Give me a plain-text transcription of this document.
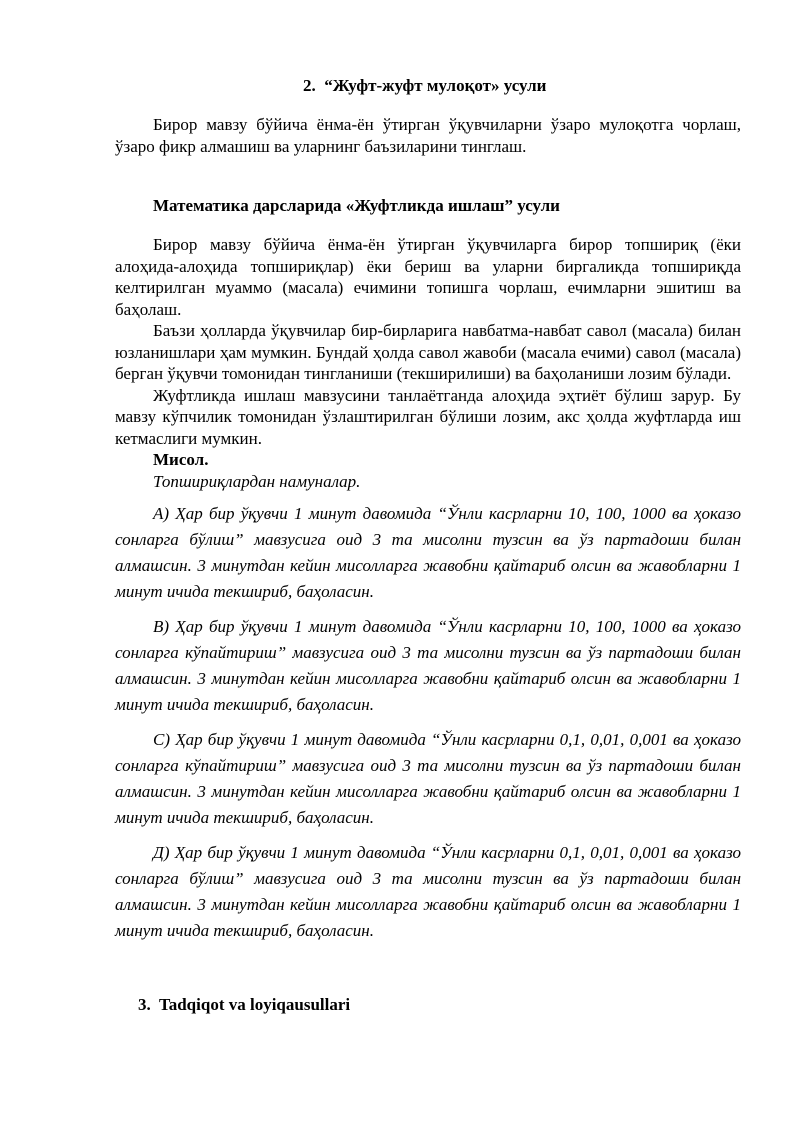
2. “Жуфт-жуфт мулоқот» усули

Бирор мавзу бўйича ёнма-ён ўтирган ўқувчиларни ўзаро мулоқотга чорлаш, ўзаро фикр алмашиш ва уларнинг баъзиларини тинглаш.

Математика дарсларида «Жуфтликда ишлаш” усули

Бирор мавзу бўйича ёнма-ён ўтирган ўқувчиларга бирор топшириқ (ёки алоҳида-алоҳида топшириқлар) ёки бериш ва уларни биргаликда топшириқда келтирилган муаммо (масала) ечимини топишга чорлаш, ечимларни эшитиш ва баҳолаш.

Баъзи ҳолларда ўқувчилар бир-бирларига навбатма-навбат савол (масала) билан юзланишлари ҳам мумкин. Бундай ҳолда савол жавоби (масала ечими) савол (масала) берган ўқувчи томонидан тингланиши (текширилиши) ва баҳоланиши лозим бўлади.

Жуфтликда ишлаш мавзусини танлаётганда алоҳида эҳтиёт бўлиш зарур. Бу мавзу кўпчилик томонидан ўзлаштирилган бўлиши лозим, акс ҳолда жуфтларда иш кетмаслиги мумкин.

Мисол.

Топшириқлардан намуналар.

А) Ҳар бир ўқувчи 1 минут давомида “Ўнли касрларни 10, 100, 1000 ва ҳоказо сонларга бўлиш” мавзусига оид 3 та мисолни тузсин ва ўз партадоши билан алмашсин. 3 минутдан кейин мисолларга жавобни қайтариб олсин ва жавобларни 1 минут ичида текшириб, баҳоласин.

В) Ҳар бир ўқувчи 1 минут давомида “Ўнли касрларни 10, 100, 1000 ва ҳоказо сонларга кўпайтириш” мавзусига оид 3 та мисолни тузсин ва ўз партадоши билан алмашсин. 3 минутдан кейин мисолларга жавобни қайтариб олсин ва жавобларни 1 минут ичида текшириб, баҳоласин.

С) Ҳар бир ўқувчи 1 минут давомида “Ўнли касрларни 0,1, 0,01, 0,001 ва ҳоказо сонларга кўпайтириш” мавзусига оид 3 та мисолни тузсин ва ўз партадоши билан алмашсин. 3 минутдан кейин мисолларга жавобни қайтариб олсин ва жавобларни 1 минут ичида текшириб, баҳоласин.

Д) Ҳар бир ўқувчи 1 минут давомида “Ўнли касрларни 0,1, 0,01, 0,001 ва ҳоказо сонларга бўлиш” мавзусига оид 3 та мисолни тузсин ва ўз партадоши билан алмашсин. 3 минутдан кейин мисолларга жавобни қайтариб олсин ва жавобларни 1 минут ичида текшириб, баҳоласин.

3. Tadqiqot va loyiqausullari
